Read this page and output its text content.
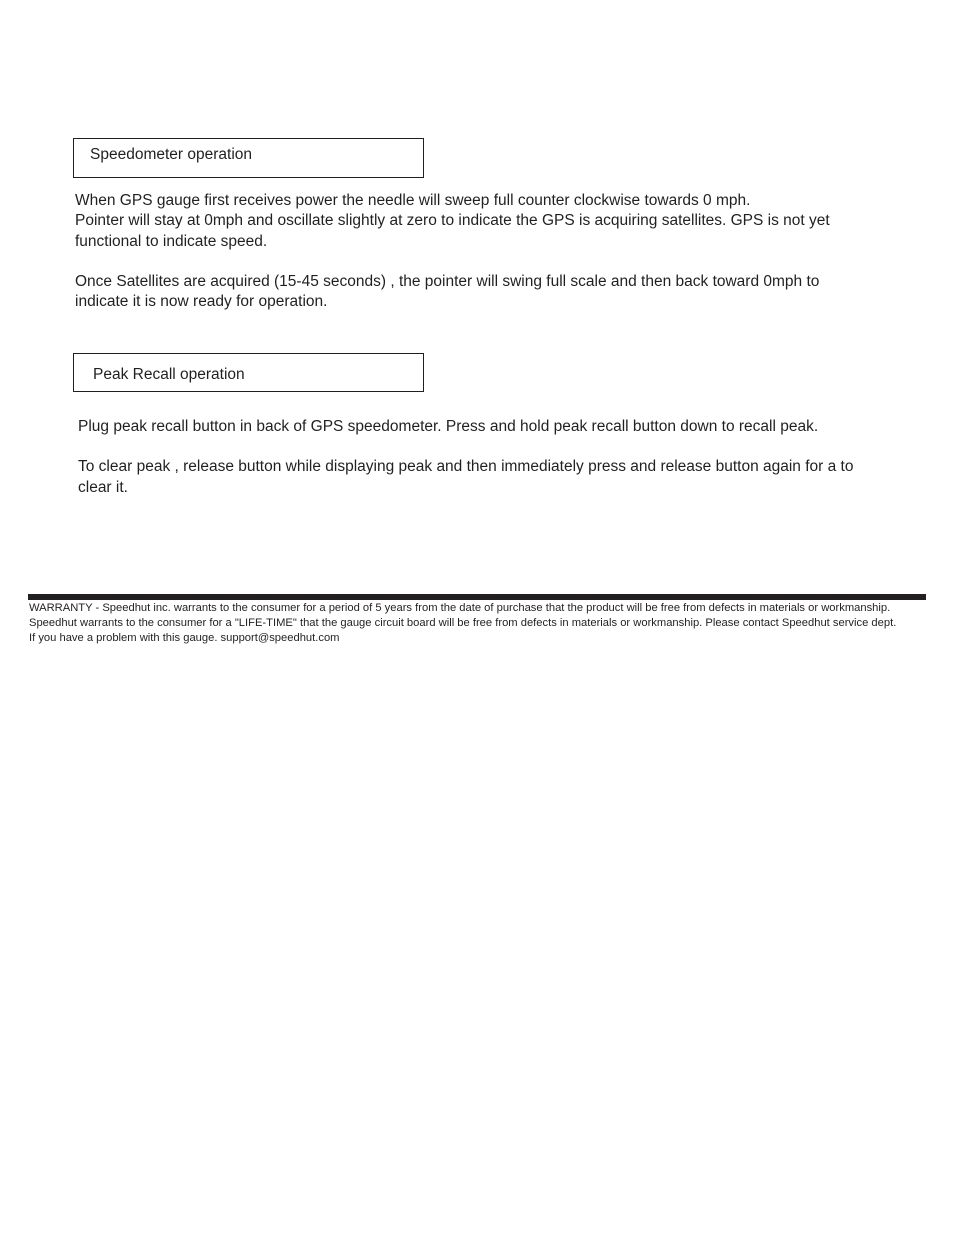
Speedometer operation

When GPS gauge first receives power the needle will sweep full counter clockwise towards 0 mph.

Pointer will stay at 0mph and oscillate slightly at zero to indicate the GPS is acquiring satellites. GPS is not yet functional to indicate speed.

Once Satellites are acquired (15-45 seconds) , the pointer will swing full scale and then back toward 0mph to indicate it is now ready for operation.

Peak Recall operation

Plug peak recall button in back of GPS speedometer. Press and hold peak recall button down to recall peak.

To clear peak , release button while displaying peak and then immediately press and release button again for a to clear it.

WARRANTY - Speedhut inc. warrants to the consumer for a period of 5 years from the date of purchase that the product will be free from defects in materials or workmanship.

Speedhut warrants to the consumer for a "LIFE-TIME" that the gauge circuit board will be free from defects in materials or workmanship. Please contact Speedhut service dept.

If you have a problem with this gauge. support@speedhut.com
